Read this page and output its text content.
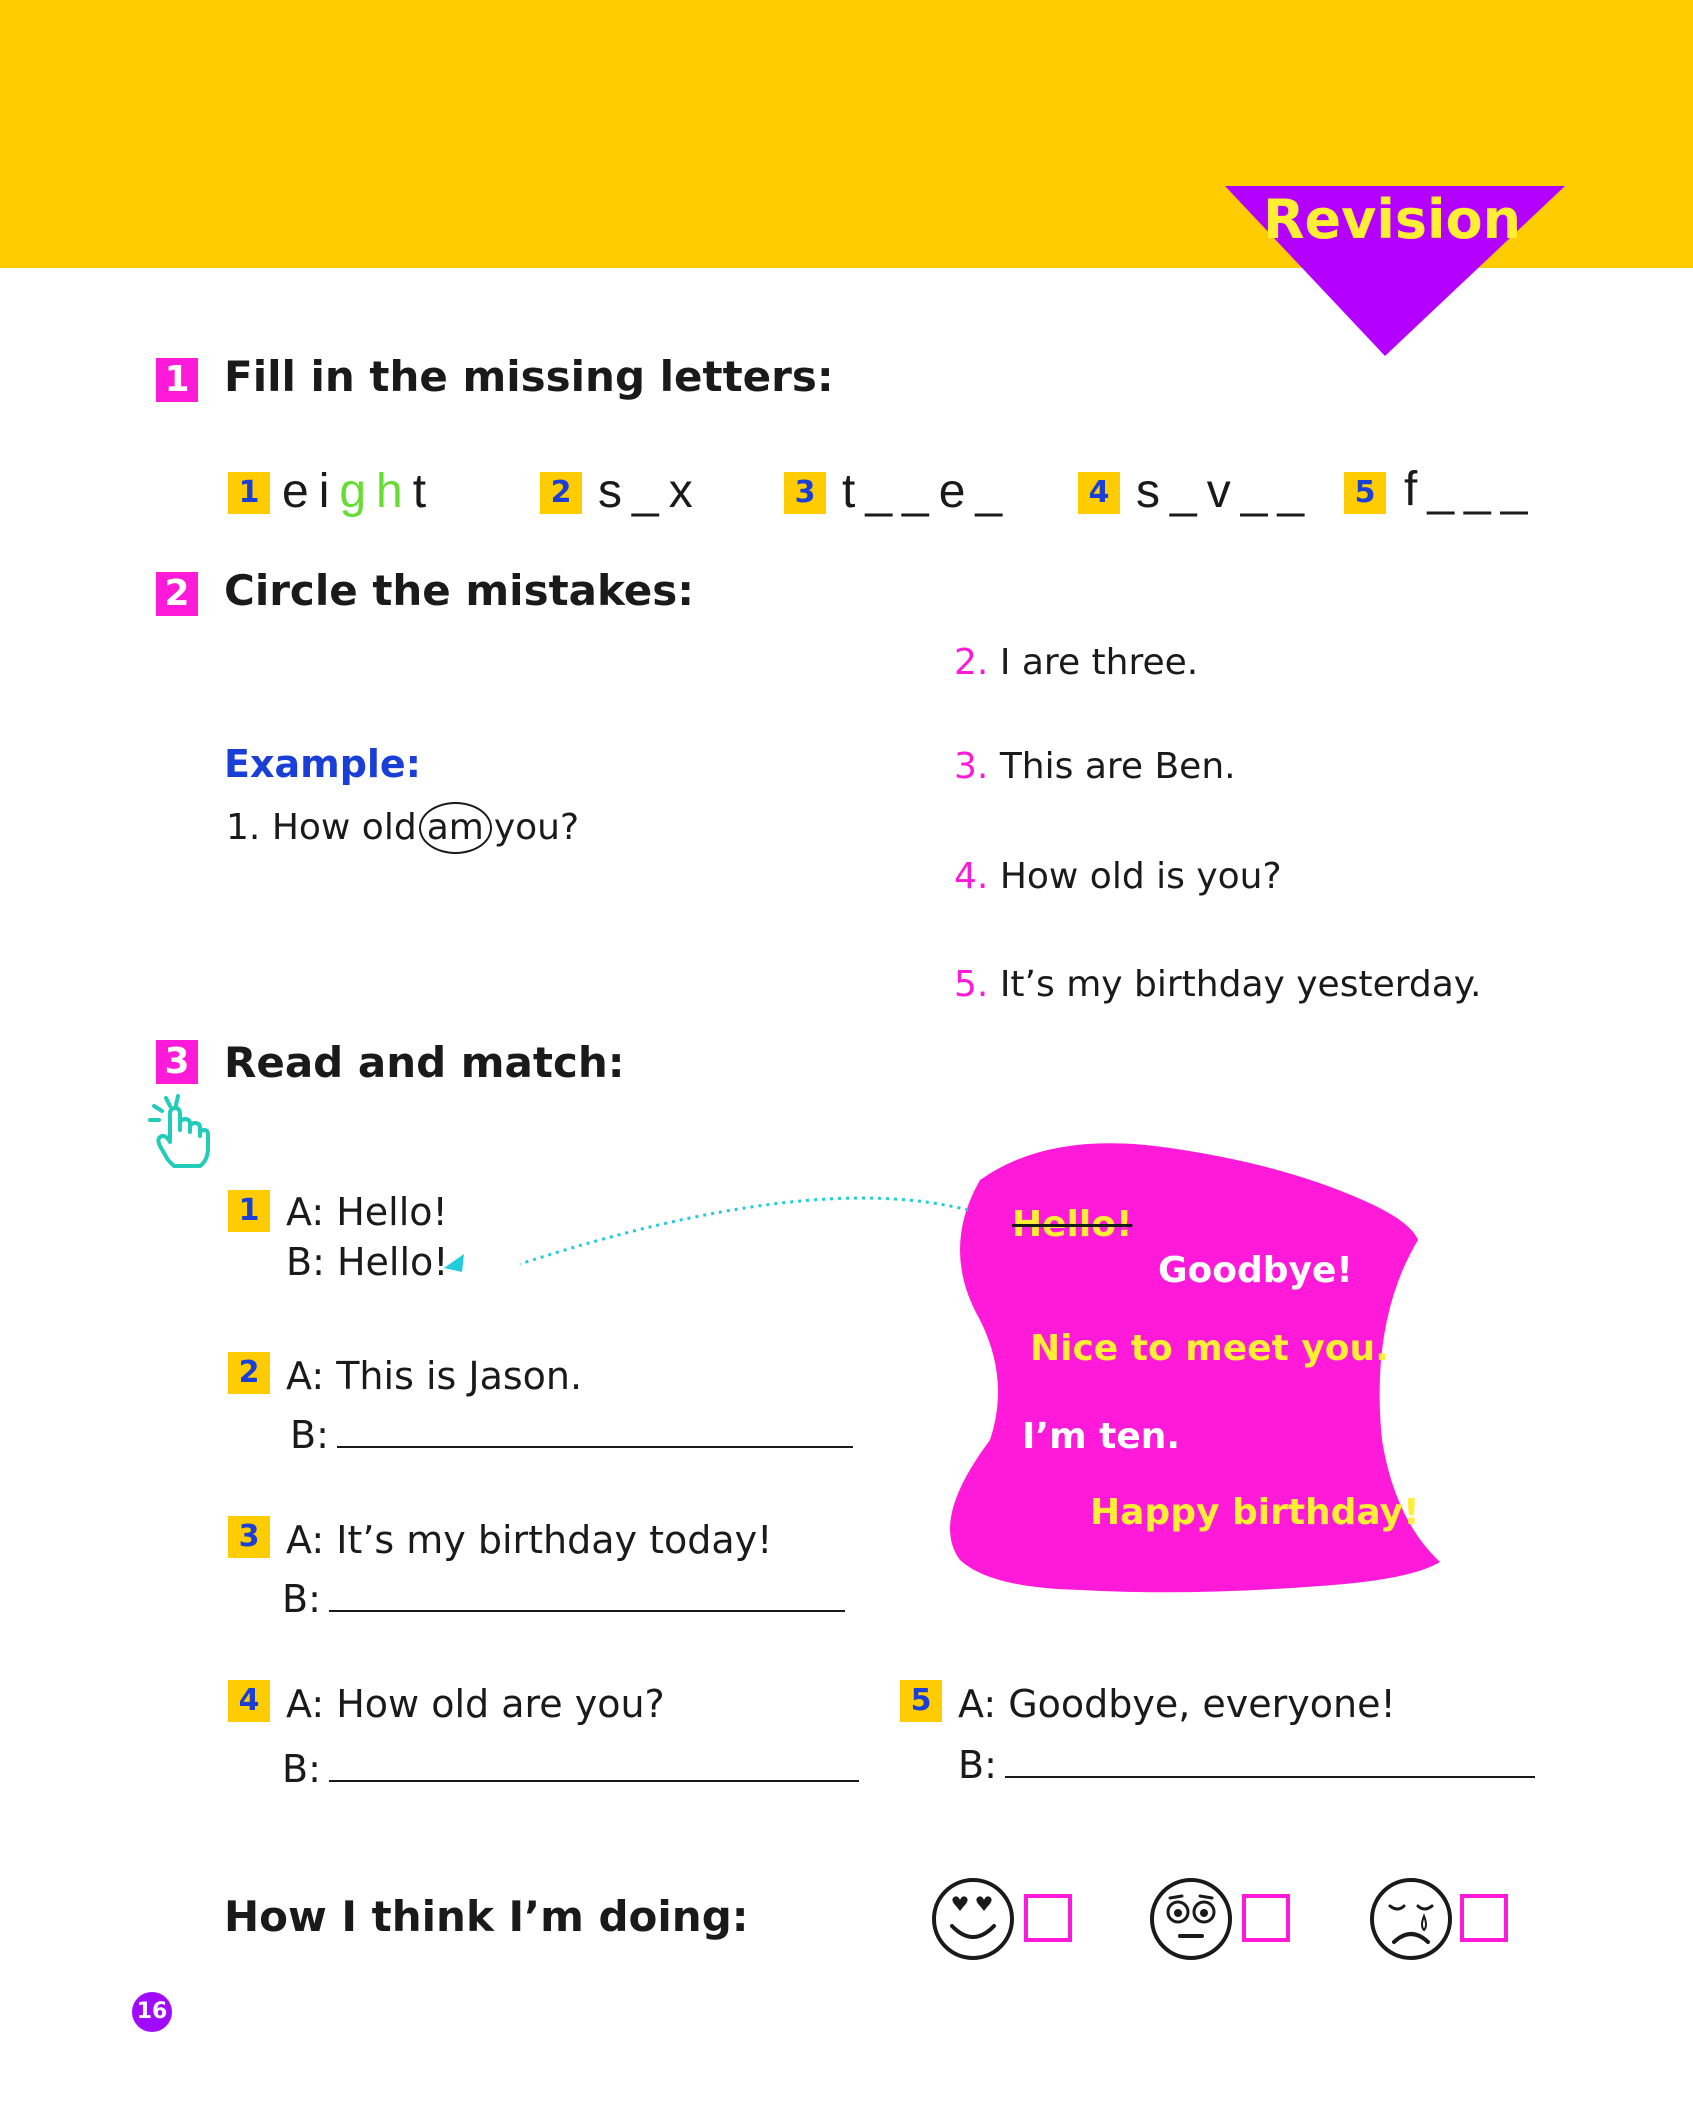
Revision
1 Fill in the missing letters:
1 eight	2 s_x	3 t__e_	4 s_v__	5 f___
2 Circle the mistakes:
Example:
1. How old am you?
2. I are three.
3. This are Ben.
4. How old is you?
5. It’s my birthday yesterday.
3 Read and match:
Hello!
Goodbye!
Nice to meet you.
I’m ten.
Happy birthday!
1 A: Hello!
B: Hello!
2 A: This is Jason.
B:
3 A: It’s my birthday today!
B:
4 A: How old are you?
B:
5 A: Goodbye, everyone!
B:
How I think I’m doing:
16
